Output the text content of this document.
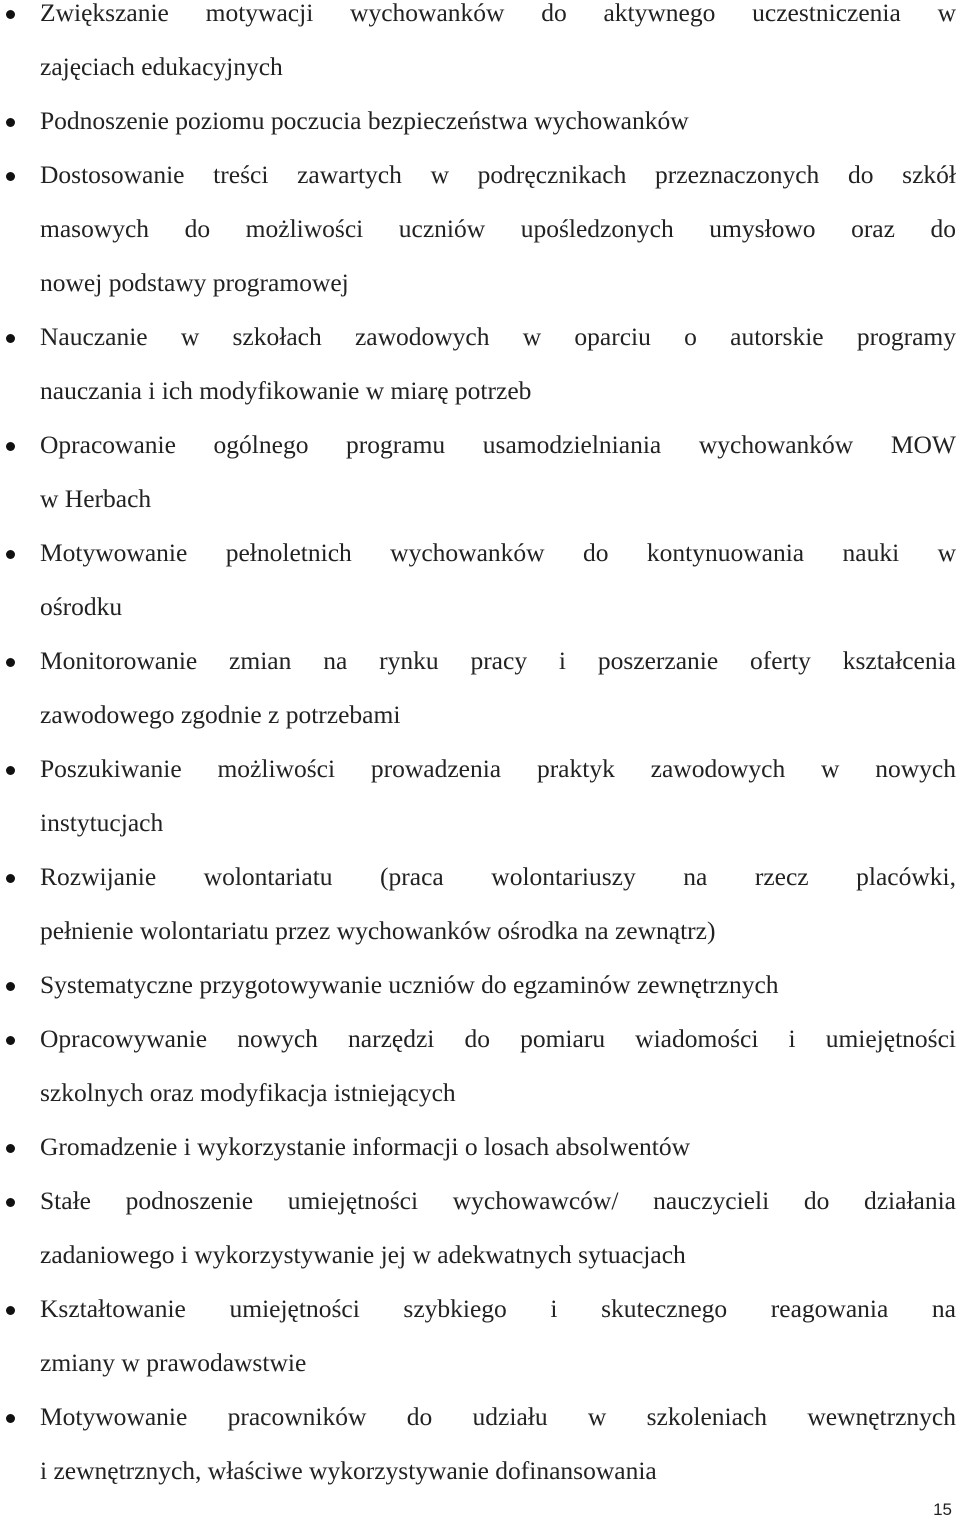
Zwiększanie motywacji wychowanków do aktywnego uczestniczenia w
zajęciach edukacyjnych
Podnoszenie poziomu poczucia bezpieczeństwa wychowanków
Dostosowanie treści zawartych w podręcznikach przeznaczonych do szkół
masowych do możliwości uczniów upośledzonych umysłowo oraz do
nowej podstawy programowej
Nauczanie w szkołach zawodowych w oparciu o autorskie programy
nauczania i ich modyfikowanie w miarę potrzeb
Opracowanie ogólnego programu usamodzielniania wychowanków MOW
w Herbach
Motywowanie pełnoletnich wychowanków do kontynuowania nauki w
ośrodku
Monitorowanie zmian na rynku pracy i poszerzanie oferty kształcenia
zawodowego zgodnie z potrzebami
Poszukiwanie możliwości prowadzenia praktyk zawodowych w nowych
instytucjach
Rozwijanie wolontariatu (praca wolontariuszy na rzecz placówki,
pełnienie wolontariatu przez wychowanków ośrodka na zewnątrz)
Systematyczne przygotowywanie uczniów do egzaminów zewnętrznych
Opracowywanie nowych narzędzi do pomiaru wiadomości i umiejętności
szkolnych oraz modyfikacja istniejących
Gromadzenie i wykorzystanie informacji o losach absolwentów
Stałe podnoszenie umiejętności wychowawców/ nauczycieli do działania
zadaniowego i wykorzystywanie jej w adekwatnych sytuacjach
Kształtowanie umiejętności szybkiego i skutecznego reagowania na
zmiany w prawodawstwie
Motywowanie pracowników do udziału w szkoleniach wewnętrznych
i zewnętrznych, właściwe wykorzystywanie dofinansowania
15
